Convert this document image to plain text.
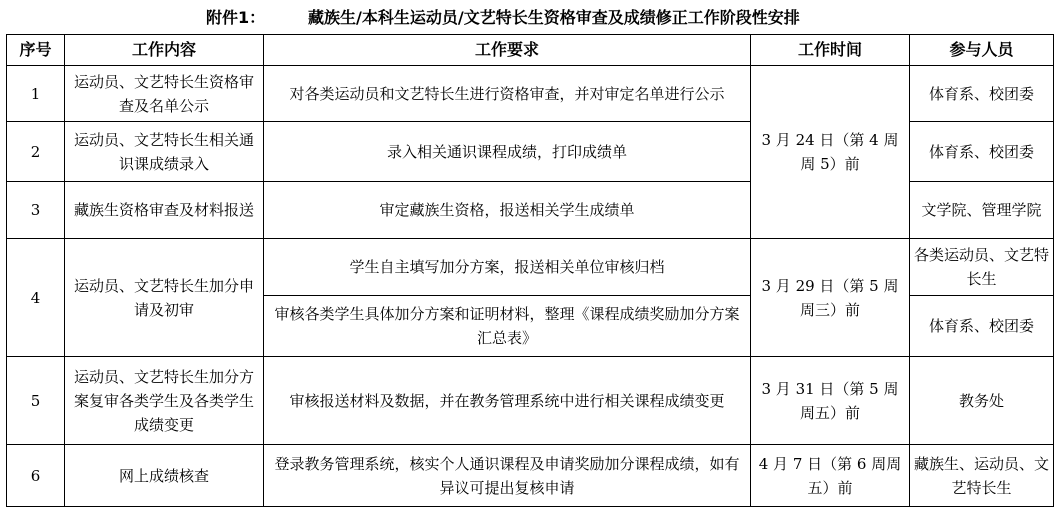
附件1：	藏族生/本科生运动员/文艺特长生资格审查及成绩修正工作阶段性安排
序号	工作内容	工作要求	工作时间	参与人员
1	运动员、文艺特长生资格审查及名单公示	对各类运动员和文艺特长生进行资格审查，并对审定名单进行公示	3 月 24 日（第 4 周周 5）前	体育系、校团委
2	运动员、文艺特长生相关通识课成绩录入	录入相关通识课程成绩，打印成绩单		体育系、校团委
3	藏族生资格审查及材料报送	审定藏族生资格，报送相关学生成绩单		文学院、管理学院
4	运动员、文艺特长生加分申请及初审	学生自主填写加分方案，报送相关单位审核归档	3 月 29 日（第 5 周周三）前	各类运动员、文艺特长生
		审核各类学生具体加分方案和证明材料，整理《课程成绩奖励加分方案汇总表》		体育系、校团委
5	运动员、文艺特长生加分方案复审各类学生及各类学生成绩变更	审核报送材料及数据，并在教务管理系统中进行相关课程成绩变更	3 月 31 日（第 5 周周五）前	教务处
6	网上成绩核查	登录教务管理系统，核实个人通识课程及申请奖励加分课程成绩，如有异议可提出复核申请	4 月 7 日（第 6 周周五）前	藏族生、运动员、文艺特长生
